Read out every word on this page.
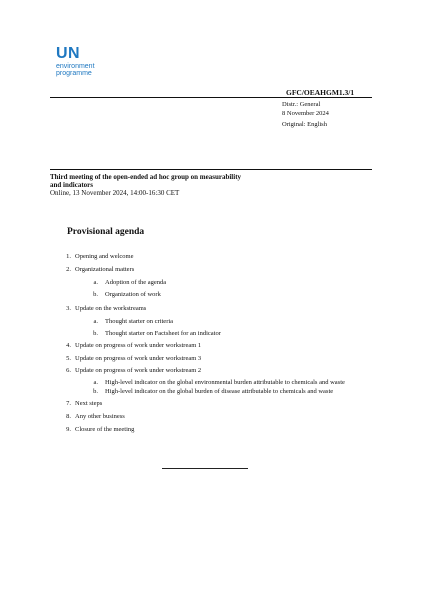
UN
environment
programme
GFC/OEAHGM1.3/1
Distr.: General
8 November 2024
Original: English
Third meeting of the open-ended ad hoc group on measurability
and indicators
Online, 13 November 2024, 14:00-16:30 CET
Provisional agenda
1. Opening and welcome
2. Organizational matters
a. Adoption of the agenda
b. Organization of work
3. Update on the workstreams
a. Thought starter on criteria
b. Thought starter on Factsheet for an indicator
4. Update on progress of work under workstream 1
5. Update on progress of work under workstream 3
6. Update on progress of work under workstream 2
a. High-level indicator on the global environmental burden attributable to chemicals and waste
b. High-level indicator on the global burden of disease attributable to chemicals and waste
7. Next steps
8. Any other business
9. Closure of the meeting
